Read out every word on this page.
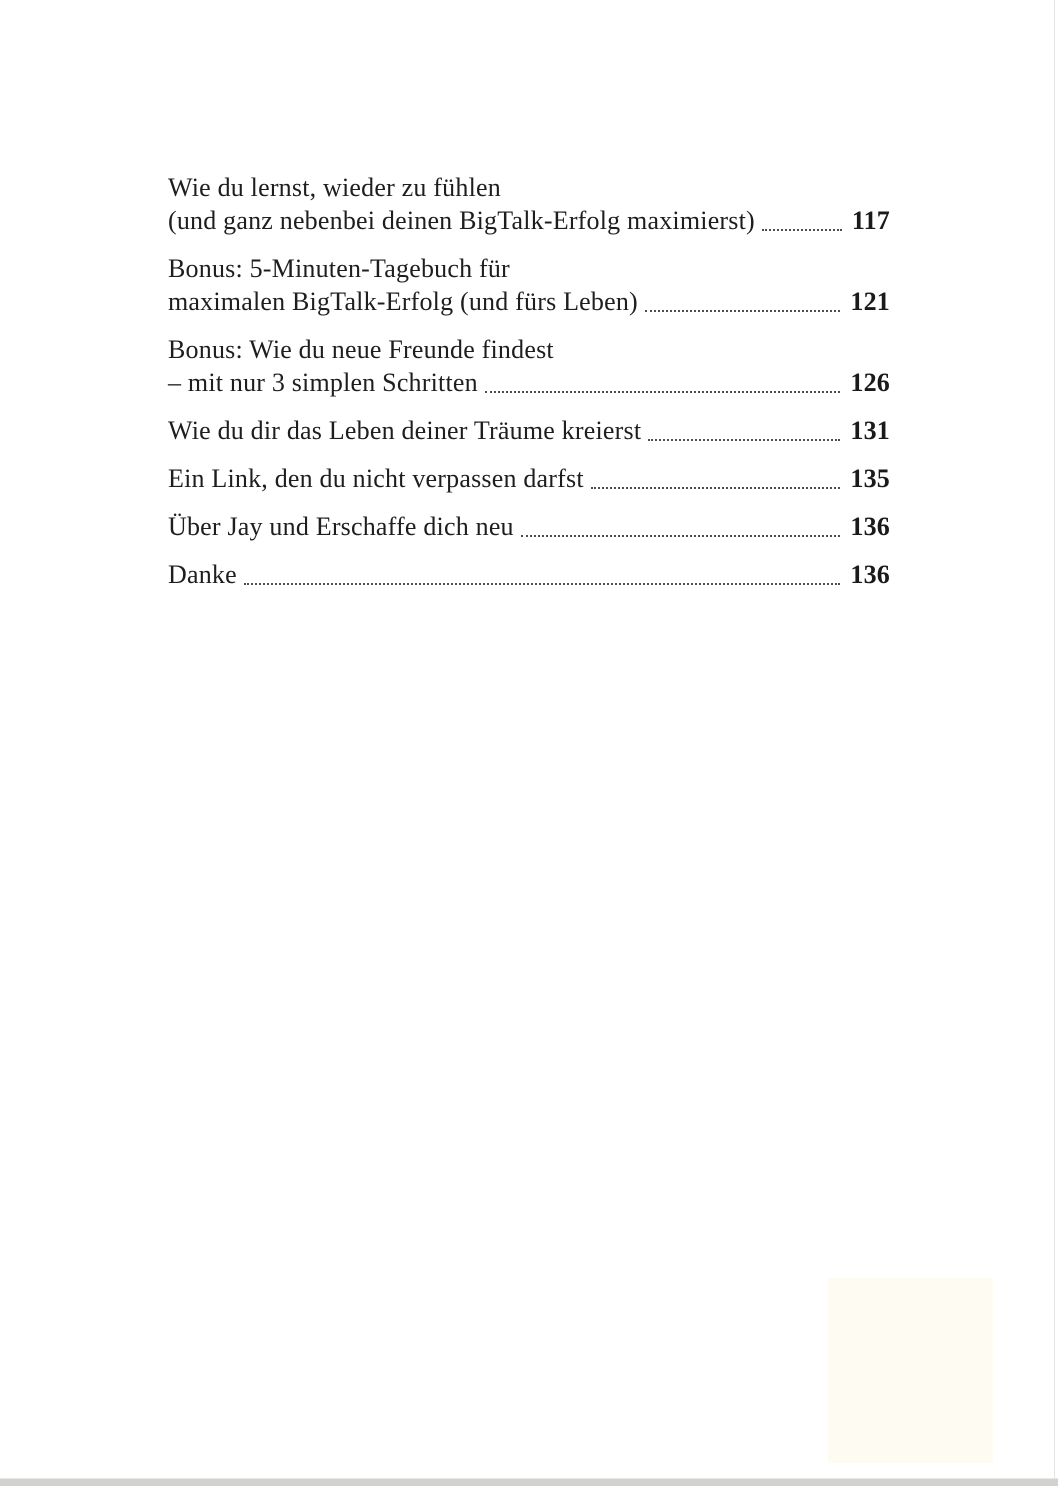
Wie du lernst, wieder zu fühlen
(und ganz nebenbei deinen BigTalk-Erfolg maximierst)	117
Bonus: 5-Minuten-Tagebuch für
maximalen BigTalk-Erfolg (und fürs Leben)	121
Bonus: Wie du neue Freunde findest
– mit nur 3 simplen Schritten	126
Wie du dir das Leben deiner Träume kreierst	131
Ein Link, den du nicht verpassen darfst	135
Über Jay und Erschaffe dich neu	136
Danke	136
